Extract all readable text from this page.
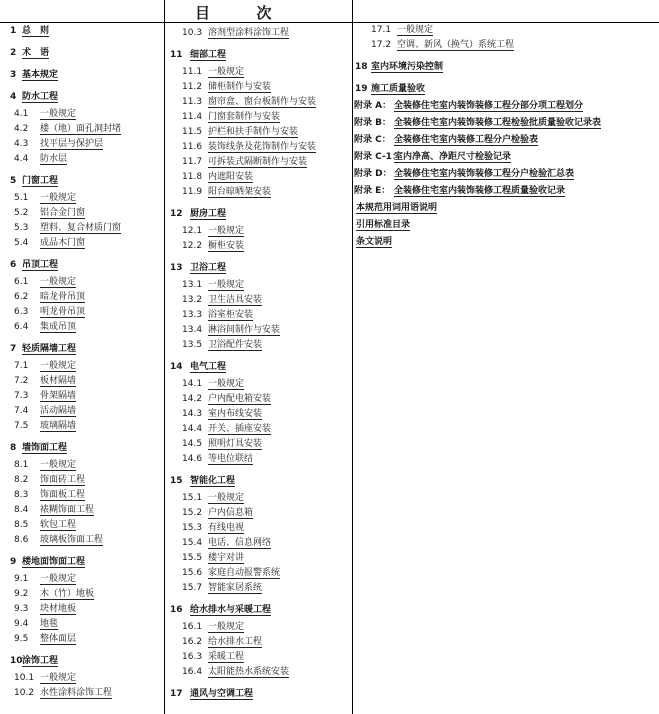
目  次
1 总　则
2 术　语
3 基本规定
4 防水工程
4.1 一般规定
4.2 楼（地）面孔洞封堵
4.3 找平层与保护层
4.4 防水层
5 门窗工程
5.1 一般规定
5.2 铝合金门窗
5.3 塑料、复合材质门窗
5.4 成品木门窗
6 吊顶工程
6.1 一般规定
6.2 暗龙骨吊顶
6.3 明龙骨吊顶
6.4 集成吊顶
7 轻质隔墙工程
7.1 一般规定
7.2 板材隔墙
7.3 骨架隔墙
7.4 活动隔墙
7.5 玻璃隔墙
8 墙饰面工程
8.1 一般规定
8.2 饰面砖工程
8.3 饰面板工程
8.4 裱糊饰面工程
8.5 软包工程
8.6 玻璃板饰面工程
9 楼地面饰面工程
9.1 一般规定
9.2 木（竹）地板
9.3 块材地板
9.4 地毯
9.5 整体面层
10涂饰工程
10.1 一般规定
10.2 水性涂料涂饰工程
10.3 溶剂型涂料涂饰工程
11 细部工程
11.1 一般规定
11.2 储柜制作与安装
11.3 窗帘盒、窗台板制作与安装
11.4 门窗套制作与安装
11.5 护栏和扶手制作与安装
11.6 装饰线条及花饰制作与安装
11.7 可拆装式隔断制作与安装
11.8 内遮阳安装
11.9 阳台晾晒架安装
12 厨房工程
12.1 一般规定
12.2 橱柜安装
13 卫浴工程
13.1 一般规定
13.2 卫生洁具安装
13.3 浴室柜安装
13.4 淋浴间制作与安装
13.5 卫浴配件安装
14 电气工程
14.1 一般规定
14.2 户内配电箱安装
14.3 室内布线安装
14.4 开关、插座安装
14.5 照明灯具安装
14.6 等电位联结
15 智能化工程
15.1 一般规定
15.2 户内信息箱
15.3 有线电视
15.4 电话、信息网络
15.5 楼宇对讲
15.6 家庭自动报警系统
15.7 智能家居系统
16 给水排水与采暖工程
16.1 一般规定
16.2 给水排水工程
16.3 采暖工程
16.4 太阳能热水系统安装
17 通风与空调工程
17.1 一般规定
17.2 空调、新风（换气）系统工程
18 室内环境污染控制
19 施工质量验收
附录 A： 全装修住宅室内装饰装修工程分部分项工程划分
附录 B： 全装修住宅室内装饰装修工程检验批质量验收记录表
附录 C： 全装修住宅室内装修工程分户检验表
附录 C-1：室内净高、净距尺寸检验记录
附录 D： 全装修住宅室内装饰装修工程分户检验汇总表
附录 E： 全装修住宅室内装饰装修工程质量验收记录
本规范用词用语说明
引用标准目录
条文说明
